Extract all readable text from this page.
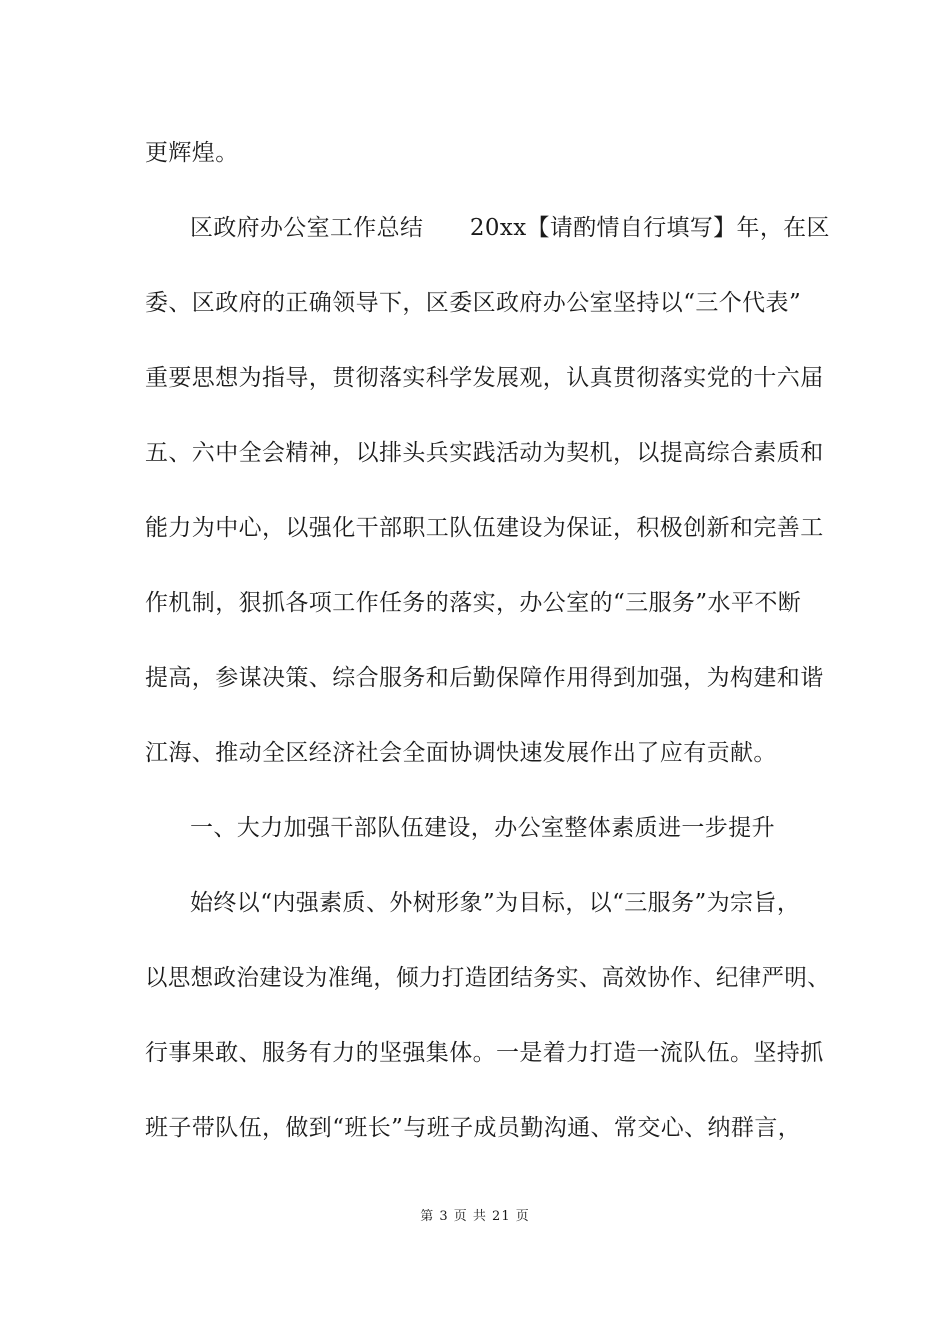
更辉煌。
区政府办公室工作总结　　20xx【请酌情自行填写】年，在区
委、区政府的正确领导下，区委区政府办公室坚持以“三个代表”
重要思想为指导，贯彻落实科学发展观，认真贯彻落实党的十六届
五、六中全会精神，以排头兵实践活动为契机，以提高综合素质和
能力为中心，以强化干部职工队伍建设为保证，积极创新和完善工
作机制，狠抓各项工作任务的落实，办公室的“三服务”水平不断
提高，参谋决策、综合服务和后勤保障作用得到加强，为构建和谐
江海、推动全区经济社会全面协调快速发展作出了应有贡献。
一、大力加强干部队伍建设，办公室整体素质进一步提升
始终以“内强素质、外树形象”为目标，以“三服务”为宗旨，
以思想政治建设为准绳，倾力打造团结务实、高效协作、纪律严明、
行事果敢、服务有力的坚强集体。一是着力打造一流队伍。坚持抓
班子带队伍，做到“班长”与班子成员勤沟通、常交心、纳群言，
第 3 页 共 21 页
